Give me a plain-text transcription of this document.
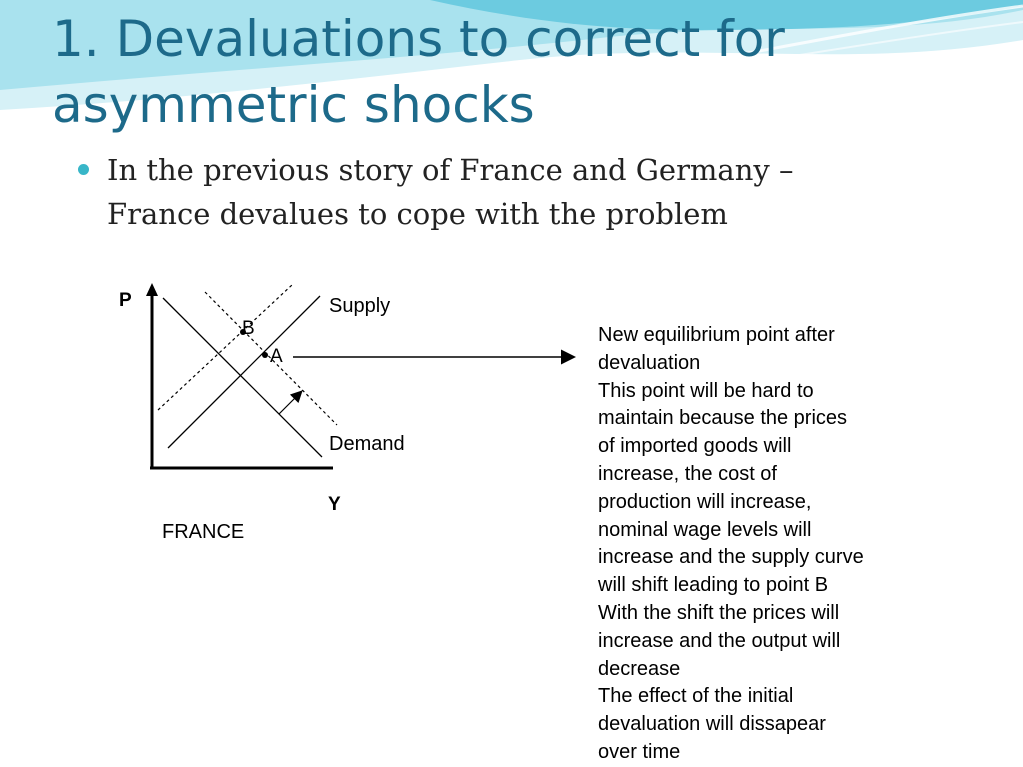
1. Devaluations to correct for
asymmetric shocks
In the previous story of France and Germany –
France devalues to cope with the problem
P
Y
Supply
Demand
B
A
FRANCE
New equilibrium point after
devaluation
This point will be hard to
maintain because the prices
of imported goods will
increase, the cost of
production will increase,
nominal wage levels will
increase and the supply curve
will shift leading to point B
With the shift the prices will
increase and the output will
decrease
The effect of the initial
devaluation will dissapear
over time
